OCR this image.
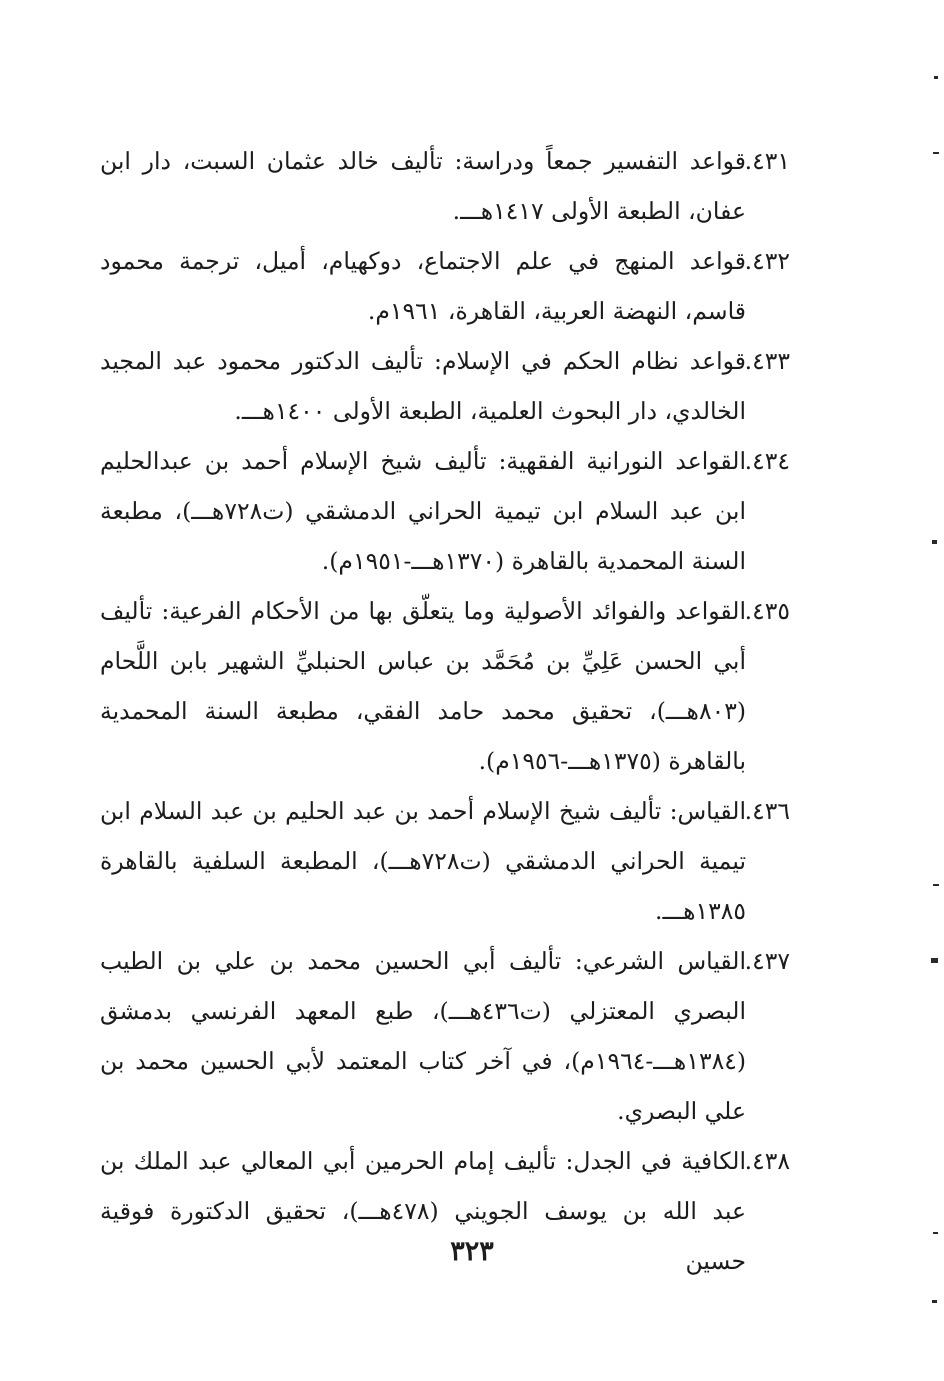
٤٣١.
قواعد التفسير جمعاً ودراسة: تأليف خالد عثمان السبت، دار ابن عفان، الطبعة الأولى ١٤١٧هـــ.
٤٣٢.
قواعد المنهج في علم الاجتماع، دوكهيام، أميل، ترجمة محمود قاسم، النهضة العربية، القاهرة، ١٩٦١م.
٤٣٣.
قواعد نظام الحكم في الإسلام: تأليف الدكتور محمود عبد المجيد الخالدي، دار البحوث العلمية، الطبعة الأولى ١٤٠٠هـــ.
٤٣٤.
القواعد النورانية الفقهية: تأليف شيخ الإسلام أحمد بن عبدالحليم ابن عبد السلام ابن تيمية الحراني الدمشقي (ت٧٢٨هـــ)، مطبعة السنة المحمدية بالقاهرة (١٣٧٠هـــ-١٩٥١م).
٤٣٥.
القواعد والفوائد الأصولية وما يتعلّق بها من الأحكام الفرعية: تأليف أبي الحسن عَلِيِّ بن مُحَمَّد بن عباس الحنبليِّ الشهير بابن اللَّحام (٨٠٣هـــ)، تحقيق محمد حامد الفقي، مطبعة السنة المحمدية بالقاهرة (١٣٧٥هـــ-١٩٥٦م).
٤٣٦.
القياس: تأليف شيخ الإسلام أحمد بن عبد الحليم بن عبد السلام ابن تيمية الحراني الدمشقي (ت٧٢٨هـــ)، المطبعة السلفية بالقاهرة ١٣٨٥هـــ.
٤٣٧.
القياس الشرعي: تأليف أبي الحسين محمد بن علي بن الطيب البصري المعتزلي (ت٤٣٦هـــ)، طبع المعهد الفرنسي بدمشق (١٣٨٤هـــ-١٩٦٤م)، في آخر كتاب المعتمد لأبي الحسين محمد بن علي البصري.
٤٣٨.
الكافية في الجدل: تأليف إمام الحرمين أبي المعالي عبد الملك بن عبد الله بن يوسف الجويني (٤٧٨هـــ)، تحقيق الدكتورة فوقية حسين
٣٢٣
